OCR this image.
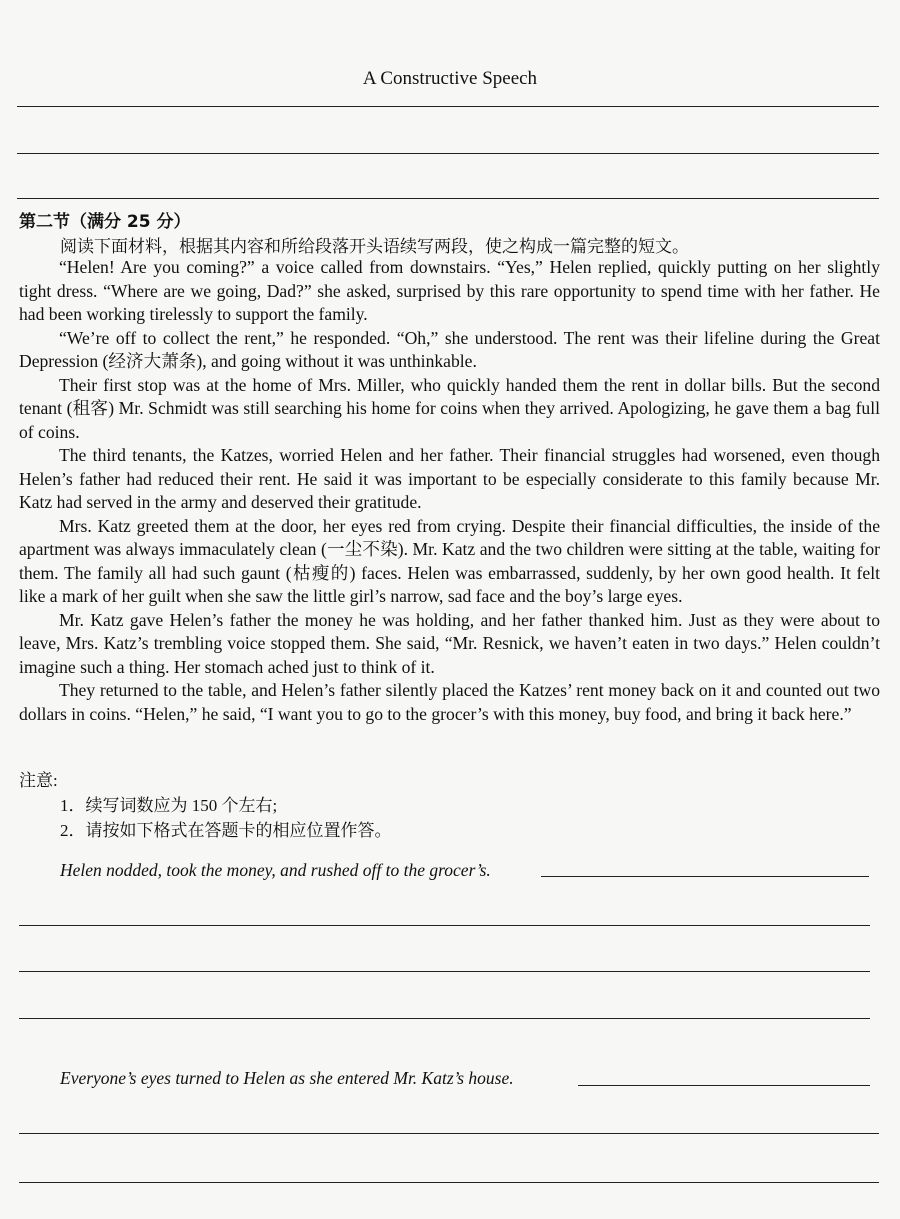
A Constructive Speech
第二节（满分 25 分）
阅读下面材料，根据其内容和所给段落开头语续写两段，使之构成一篇完整的短文。

“Helen! Are you coming?” a voice called from downstairs. “Yes,” Helen replied, quickly putting on her slightly tight dress. “Where are we going, Dad?” she asked, surprised by this rare opportunity to spend time with her father. He had been working tirelessly to support the family.

“We’re off to collect the rent,” he responded. “Oh,” she understood. The rent was their lifeline during the Great Depression (经济大萧条), and going without it was unthinkable.

Their first stop was at the home of Mrs. Miller, who quickly handed them the rent in dollar bills. But the second tenant (租客) Mr. Schmidt was still searching his home for coins when they arrived. Apologizing, he gave them a bag full of coins.

The third tenants, the Katzes, worried Helen and her father. Their financial struggles had worsened, even though Helen’s father had reduced their rent. He said it was important to be especially considerate to this family because Mr. Katz had served in the army and deserved their gratitude.

Mrs. Katz greeted them at the door, her eyes red from crying. Despite their financial difficulties, the inside of the apartment was always immaculately clean (一尘不染). Mr. Katz and the two children were sitting at the table, waiting for them. The family all had such gaunt (枯瘦的) faces. Helen was embarrassed, suddenly, by her own good health. It felt like a mark of her guilt when she saw the little girl’s narrow, sad face and the boy’s large eyes.

Mr. Katz gave Helen’s father the money he was holding, and her father thanked him. Just as they were about to leave, Mrs. Katz’s trembling voice stopped them. She said, “Mr. Resnick, we haven’t eaten in two days.” Helen couldn’t imagine such a thing. Her stomach ached just to think of it.

They returned to the table, and Helen’s father silently placed the Katzes’ rent money back on it and counted out two dollars in coins. “Helen,” he said, “I want you to go to the grocer’s with this money, buy food, and bring it back here.”

注意:
1．续写词数应为 150 个左右;
2．请按如下格式在答题卡的相应位置作答。
Helen nodded, took the money, and rushed off to the grocer’s.
Everyone’s eyes turned to Helen as she entered Mr. Katz’s house.
